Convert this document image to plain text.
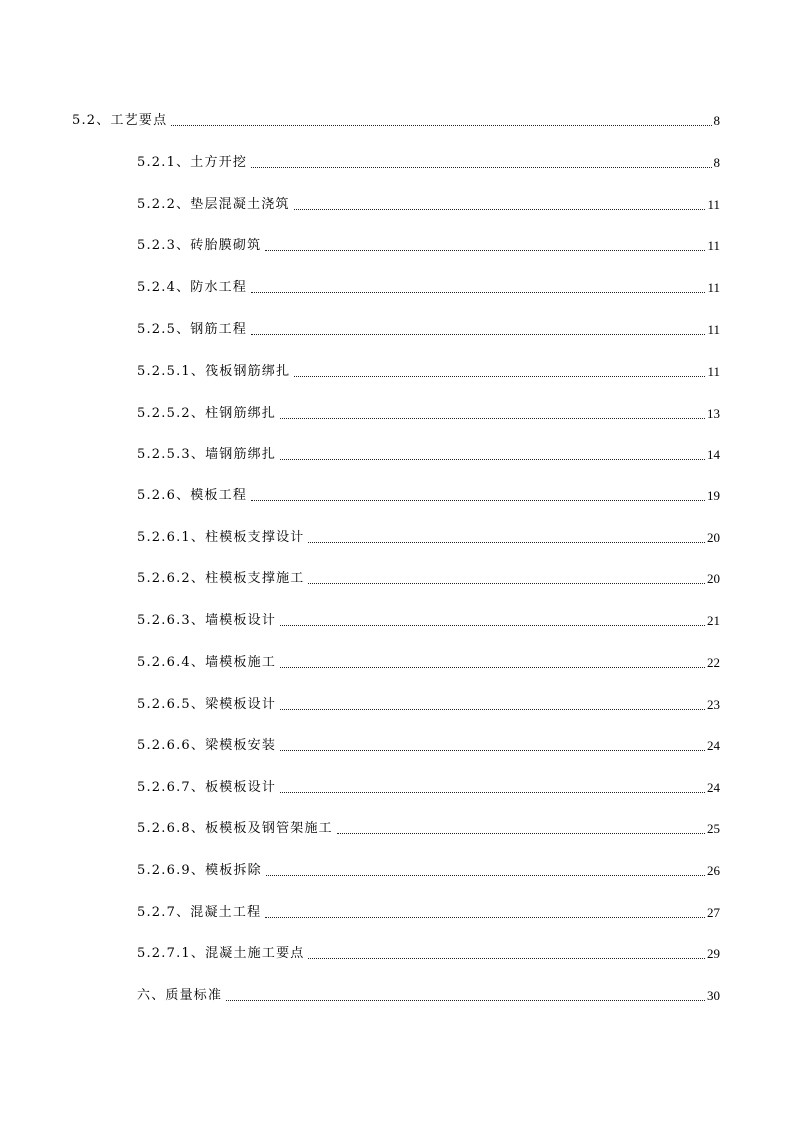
5.2、工艺要点	8
5.2.1、土方开挖	8
5.2.2、垫层混凝土浇筑	11
5.2.3、砖胎膜砌筑	11
5.2.4、防水工程	11
5.2.5、钢筋工程	11
5.2.5.1、筏板钢筋绑扎	11
5.2.5.2、柱钢筋绑扎	13
5.2.5.3、墙钢筋绑扎	14
5.2.6、模板工程	19
5.2.6.1、柱模板支撑设计	20
5.2.6.2、柱模板支撑施工	20
5.2.6.3、墙模板设计	21
5.2.6.4、墙模板施工	22
5.2.6.5、梁模板设计	23
5.2.6.6、梁模板安装	24
5.2.6.7、板模板设计	24
5.2.6.8、板模板及钢管架施工	25
5.2.6.9、模板拆除	26
5.2.7、混凝土工程	27
5.2.7.1、混凝土施工要点	29
六、质量标准	30
